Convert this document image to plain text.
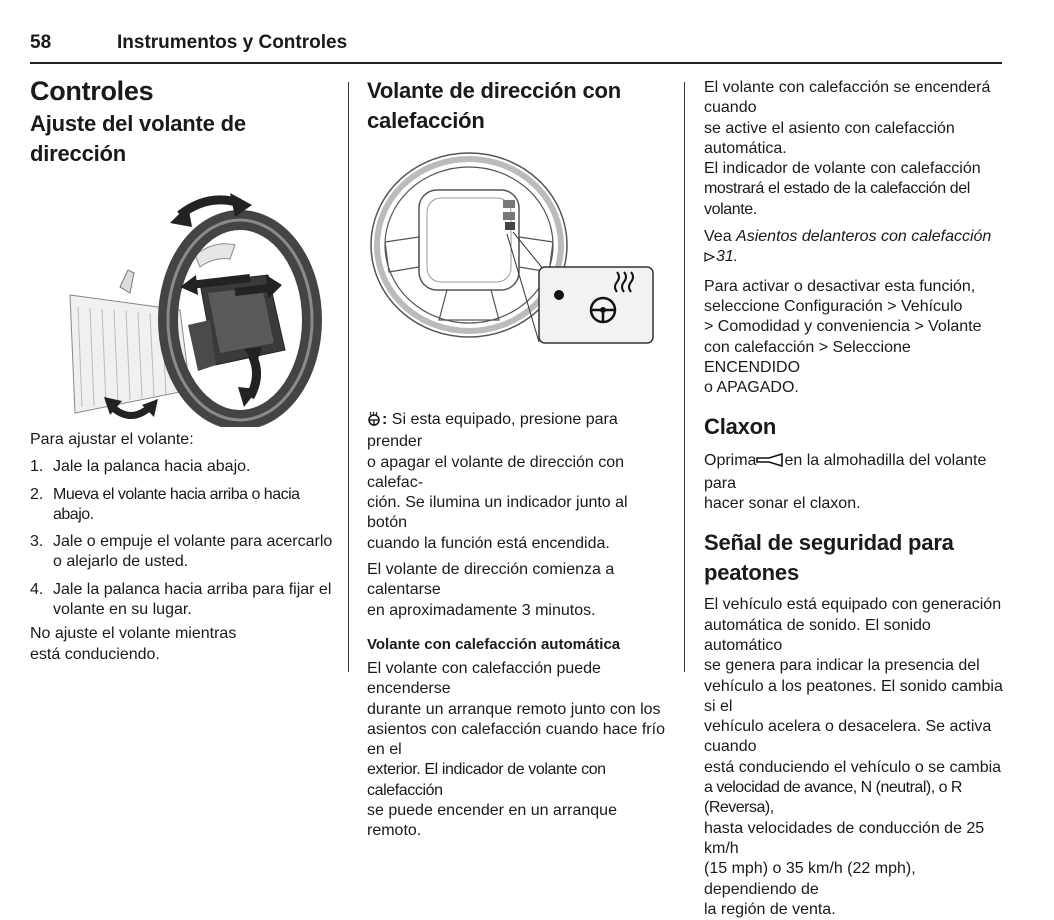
58	Instrumentos y Controles
Controles
Ajuste del volante de dirección

Para ajustar el volante:

1. Jale la palanca hacia abajo.
2. Mueva el volante hacia arriba o hacia abajo.
3. Jale o empuje el volante para acercarlo
o alejarlo de usted.
4. Jale la palanca hacia arriba para fijar el
volante en su lugar.

No ajuste el volante mientras
está conduciendo.

Volante de dirección con
calefacción

: Si esta equipado, presione para prender
o apagar el volante de dirección con calefac-
ción. Se ilumina un indicador junto al botón
cuando la función está encendida.

El volante de dirección comienza a calentarse
en aproximadamente 3 minutos.

Volante con calefacción automática

El volante con calefacción puede encenderse
durante un arranque remoto junto con los
asientos con calefacción cuando hace frío en el
exterior. El indicador de volante con calefacción
se puede encender en un arranque remoto.

El volante con calefacción se encenderá cuando
se active el asiento con calefacción automática.
El indicador de volante con calefacción
mostrará el estado de la calefacción del volante.

Vea Asientos delanteros con calefacción 31.

Para activar o desactivar esta función,
seleccione Configuración > Vehículo
> Comodidad y conveniencia > Volante
con calefacción > Seleccione ENCENDIDO
o APAGADO.

Claxon

Oprima en la almohadilla del volante para
hacer sonar el claxon.

Señal de seguridad para peatones

El vehículo está equipado con generación
automática de sonido. El sonido automático
se genera para indicar la presencia del
vehículo a los peatones. El sonido cambia si el
vehículo acelera o desacelera. Se activa cuando
está conduciendo el vehículo o se cambia
a velocidad de avance, N (neutral), o R (Reversa),
hasta velocidades de conducción de 25 km/h
(15 mph) o 35 km/h (22 mph), dependiendo de
la región de venta.
